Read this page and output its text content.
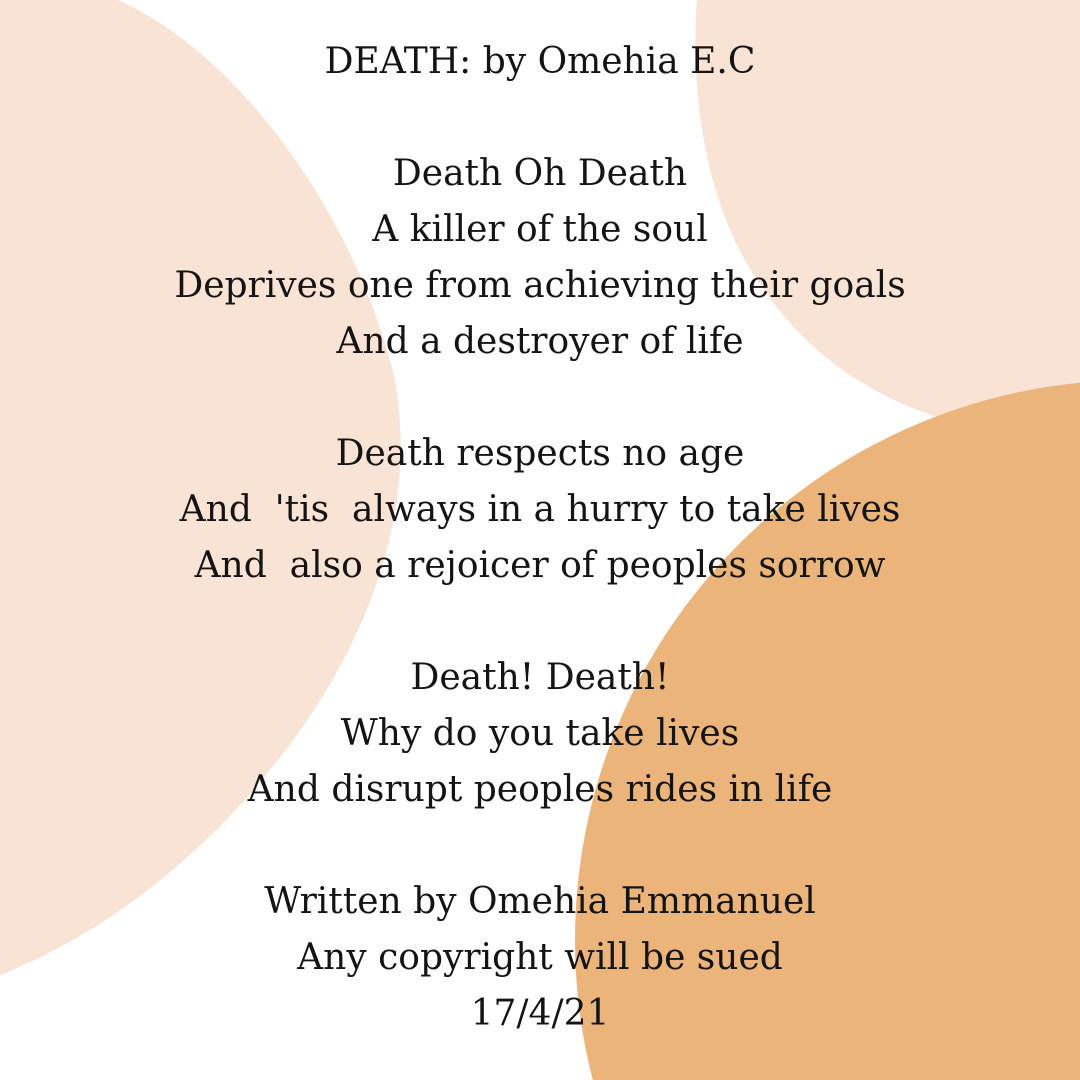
DEATH: by Omehia E.C
Death Oh Death
A killer of the soul
Deprives one from achieving their goals
And a destroyer of life
Death respects no age
And  'tis  always in a hurry to take lives
And  also a rejoicer of peoples sorrow
Death! Death!
Why do you take lives
And disrupt peoples rides in life
Written by Omehia Emmanuel
Any copyright will be sued
17/4/21
